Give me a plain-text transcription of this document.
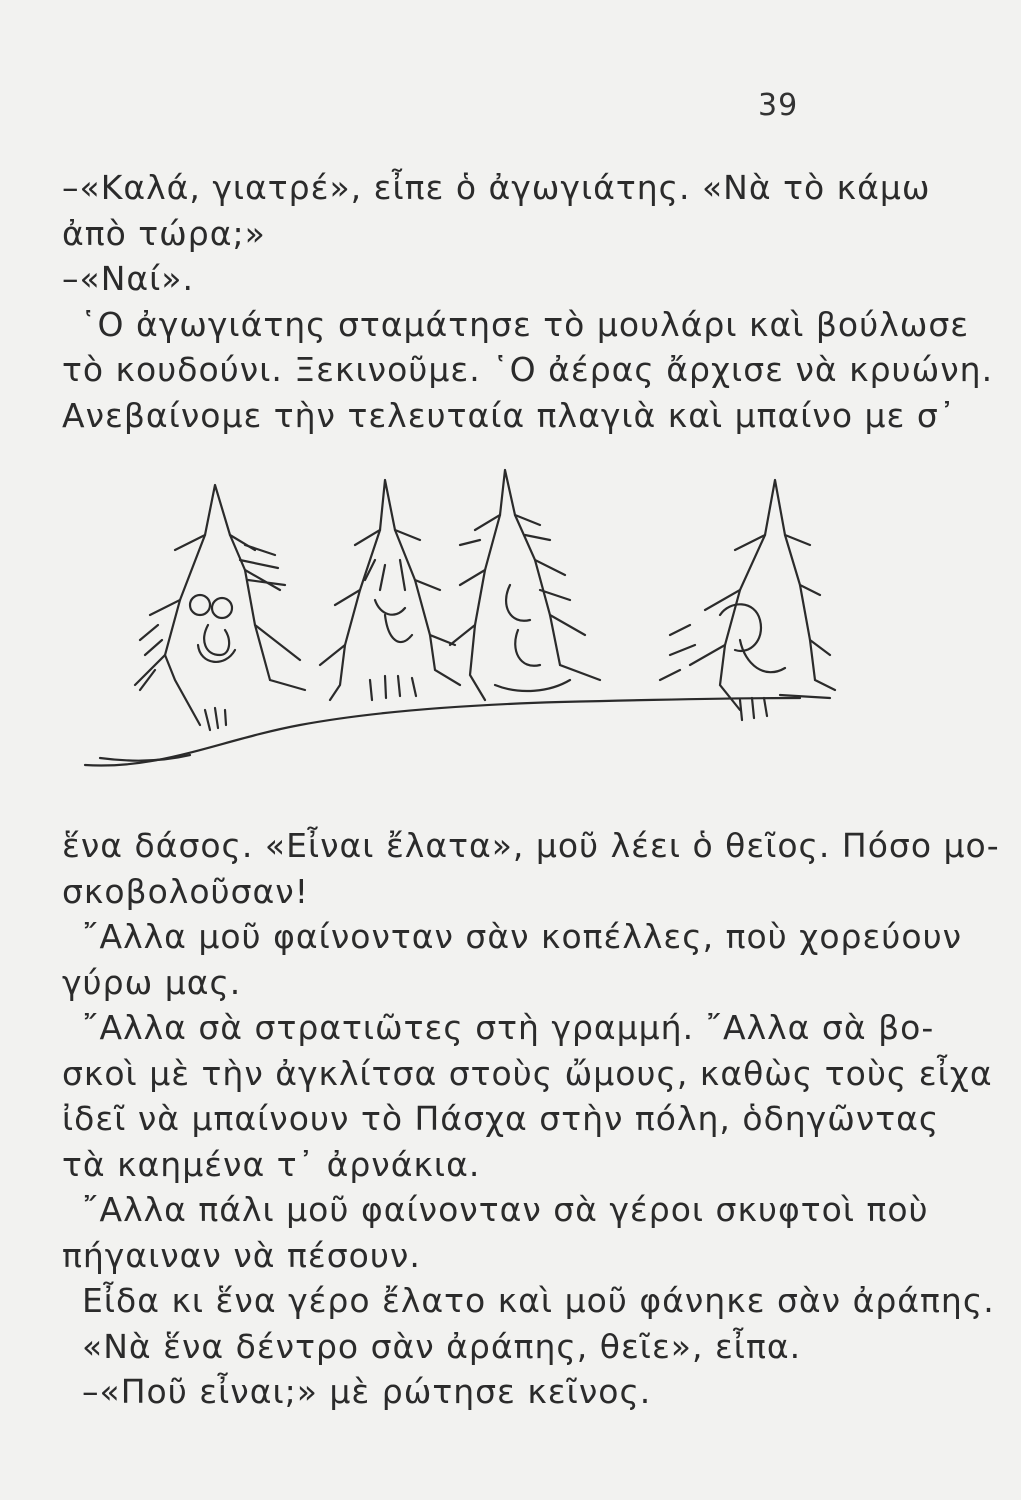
39
–«Καλά, γιατρέ», εἶπε ὁ ἀγωγιάτης. «Νὰ τὸ κάμω
ἀπὸ τώρα;»
–«Ναί».
῾Ο ἀγωγιάτης σταμάτησε τὸ μουλάρι καὶ βούλωσε
τὸ κουδούνι. Ξεκινοῦμε. ῾Ο ἀέρας ἄρχισε νὰ κρυώνη.
Ανεβαίνομε τὴν τελευταία πλαγιὰ καὶ μπαίνο με σ᾽
ἕνα δάσος. «Εἶναι ἔλατα», μοῦ λέει ὁ θεῖος. Πόσο μο-
σκοβολοῦσαν!
῎Αλλα μοῦ φαίνονταν σὰν κοπέλλες, ποὺ χορεύουν
γύρω μας.
῎Αλλα σὰ στρατιῶτες στὴ γραμμή. ῎Αλλα σὰ βο-
σκοὶ μὲ τὴν ἀγκλίτσα στοὺς ὤμους, καθὼς τοὺς εἶχα
ἰδεῖ νὰ μπαίνουν τὸ Πάσχα στὴν πόλη, ὁδηγῶντας
τὰ καημένα τ᾽ ἀρνάκια.
῎Αλλα πάλι μοῦ φαίνονταν σὰ γέροι σκυφτοὶ ποὺ
πήγαιναν νὰ πέσουν.
Εἶδα κι ἕνα γέρο ἔλατο καὶ μοῦ φάνηκε σὰν ἀράπης.
«Νὰ ἕνα δέντρο σὰν ἀράπης, θεῖε», εἶπα.
–«Ποῦ εἶναι;» μὲ ρώτησε κεῖνος.
